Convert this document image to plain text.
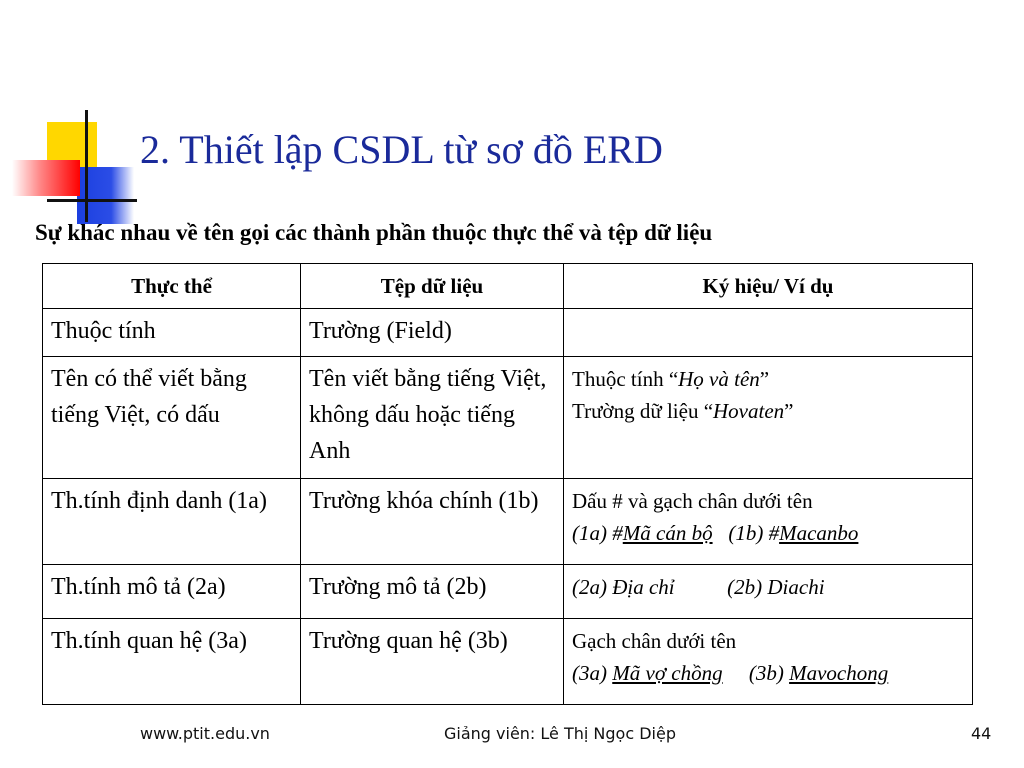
2. Thiết lập CSDL từ sơ đồ ERD
Sự khác nhau về tên gọi các thành phần thuộc thực thể và tệp dữ liệu
Thực thể	Tệp dữ liệu	Ký hiệu/ Ví dụ
Thuộc tính	Trường (Field)	
Tên có thể viết bằng tiếng Việt, có dấu	Tên viết bằng tiếng Việt, không dấu hoặc tiếng Anh	Thuộc tính “Họ và tên”
Trường dữ liệu “Hovaten”

Th.tính định danh (1a)	Trường khóa chính (1b)	Dấu # và gạch chân dưới tên
(1a) #Mã cán bộ   (1b) #Macanbo

Th.tính mô tả (2a)	Trường mô tả (2b)	(2a) Địa chỉ          (2b) Diachi

Th.tính quan hệ (3a)	Trường quan hệ (3b)	Gạch chân dưới tên
(3a) Mã vợ chồng     (3b) Mavochong
www.ptit.edu.vn	Giảng viên: Lê Thị Ngọc Diệp	44
